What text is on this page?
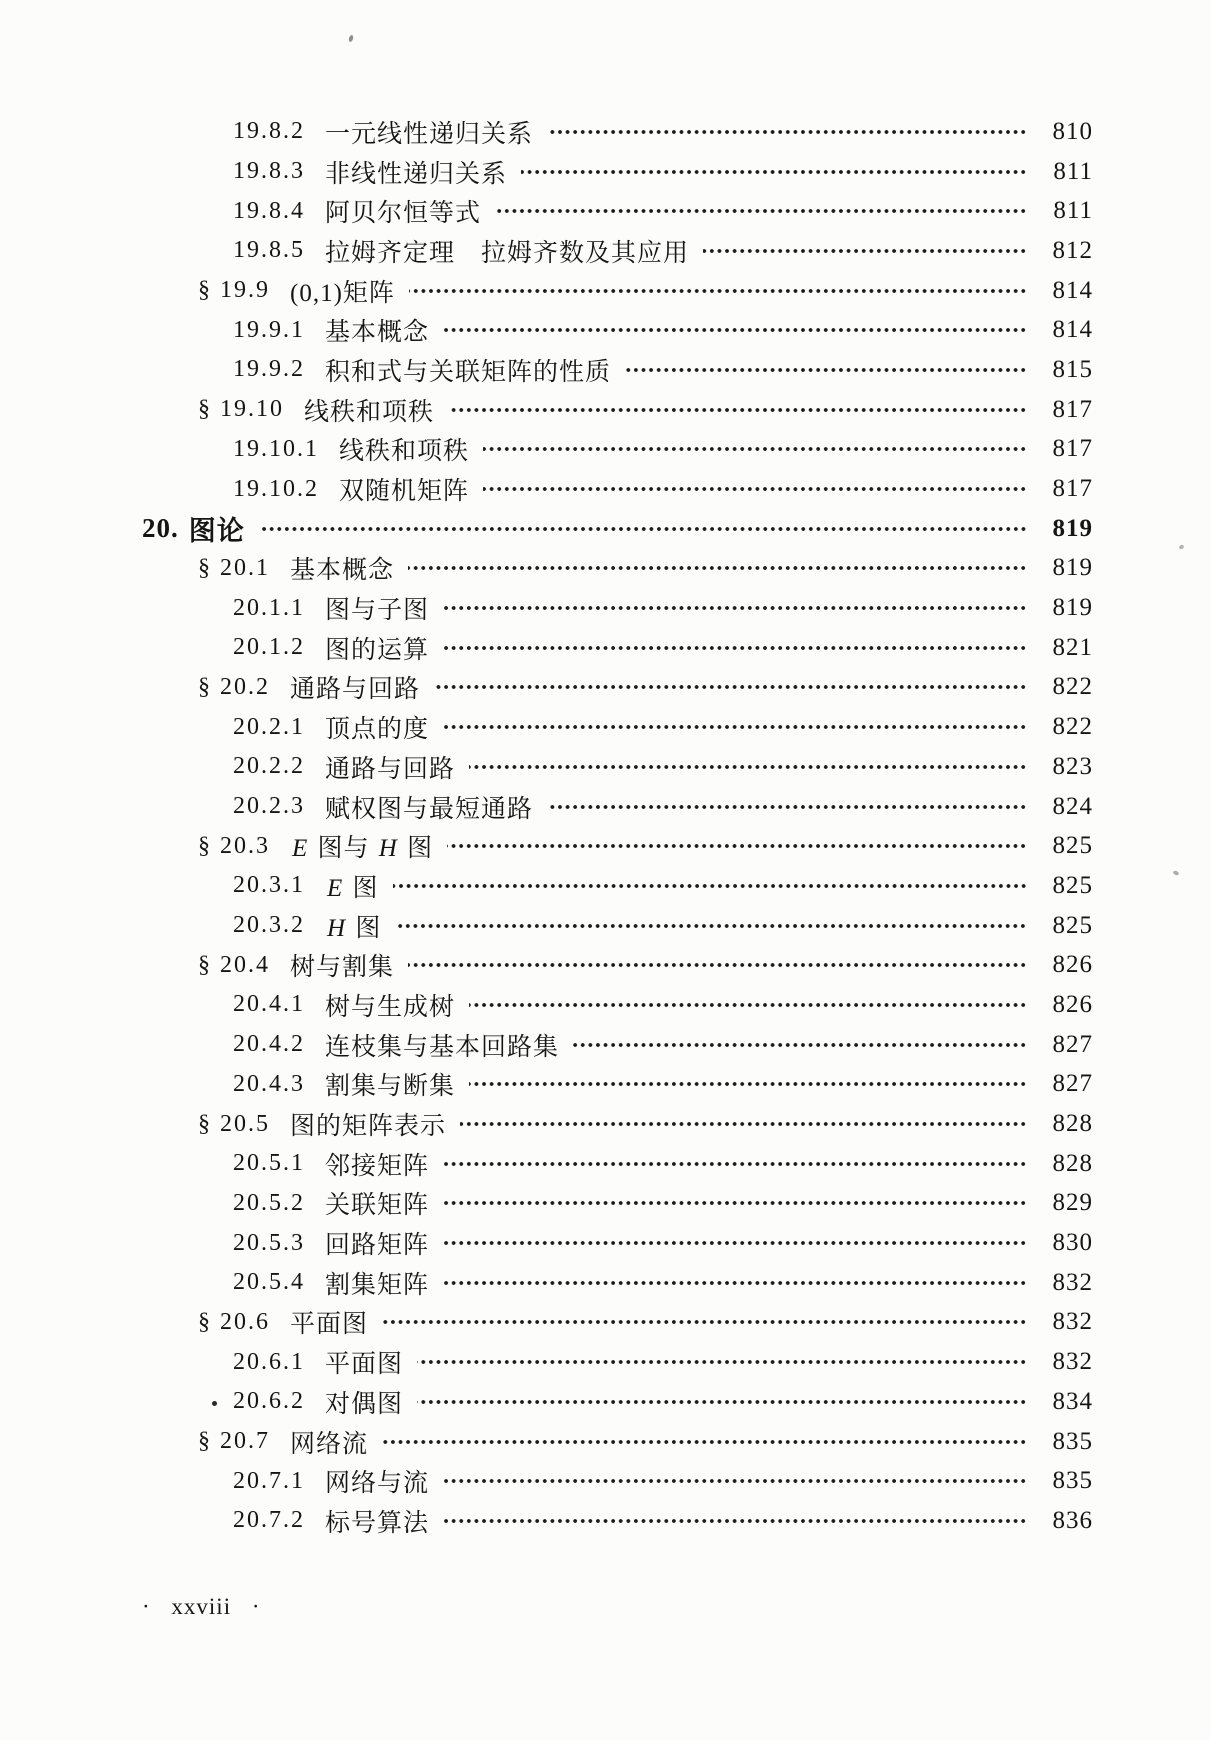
19.8.2 一元线性递归关系	810
19.8.3 非线性递归关系	811
19.8.4 阿贝尔恒等式	811
19.8.5 拉姆齐定理　拉姆齐数及其应用	812
§ 19.9 (0,1)矩阵	814
19.9.1 基本概念	814
19.9.2 积和式与关联矩阵的性质	815
§ 19.10 线秩和项秩	817
19.10.1 线秩和项秩	817
19.10.2 双随机矩阵	817
20. 图论	819
§ 20.1 基本概念	819
20.1.1 图与子图	819
20.1.2 图的运算	821
§ 20.2 通路与回路	822
20.2.1 顶点的度	822
20.2.2 通路与回路	823
20.2.3 赋权图与最短通路	824
§ 20.3 E 图与 H 图	825
20.3.1 E 图	825
20.3.2 H 图	825
§ 20.4 树与割集	826
20.4.1 树与生成树	826
20.4.2 连枝集与基本回路集	827
20.4.3 割集与断集	827
§ 20.5 图的矩阵表示	828
20.5.1 邻接矩阵	828
20.5.2 关联矩阵	829
20.5.3 回路矩阵	830
20.5.4 割集矩阵	832
§ 20.6 平面图	832
20.6.1 平面图	832
20.6.2 对偶图	834
§ 20.7 网络流	835
20.7.1 网络与流	835
20.7.2 标号算法	836
· xxviii ·
